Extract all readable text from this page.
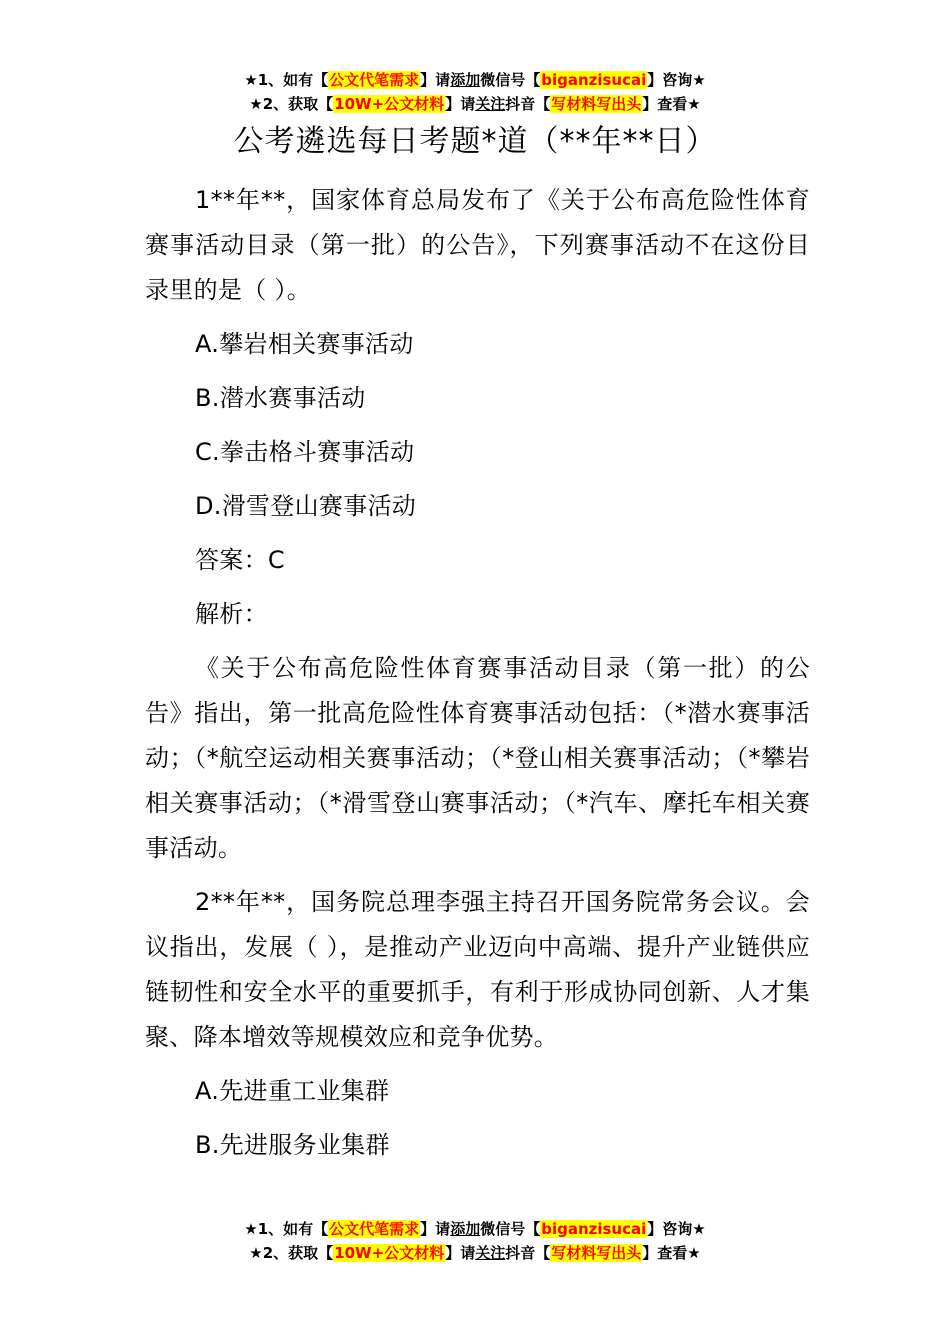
★1、如有【公文代笔需求】请添加微信号【biganzisucai】咨询★
★2、获取【10W+公文材料】请关注抖音【写材料写出头】查看★
公考遴选每日考题*道（**年**日）

1**年**，国家体育总局发布了《关于公布高危险性体育赛事活动目录（第一批）的公告》，下列赛事活动不在这份目录里的是（ ）。

A.攀岩相关赛事活动

B.潜水赛事活动

C.拳击格斗赛事活动

D.滑雪登山赛事活动

答案：C

解析：

《关于公布高危险性体育赛事活动目录（第一批）的公告》指出，第一批高危险性体育赛事活动包括：（*潜水赛事活动；（*航空运动相关赛事活动；（*登山相关赛事活动；（*攀岩相关赛事活动；（*滑雪登山赛事活动；（*汽车、摩托车相关赛事活动。

2**年**，国务院总理李强主持召开国务院常务会议。会议指出，发展（ ），是推动产业迈向中高端、提升产业链供应链韧性和安全水平的重要抓手，有利于形成协同创新、人才集聚、降本增效等规模效应和竞争优势。

A.先进重工业集群

B.先进服务业集群

★1、如有【公文代笔需求】请添加微信号【biganzisucai】咨询★
★2、获取【10W+公文材料】请关注抖音【写材料写出头】查看★
